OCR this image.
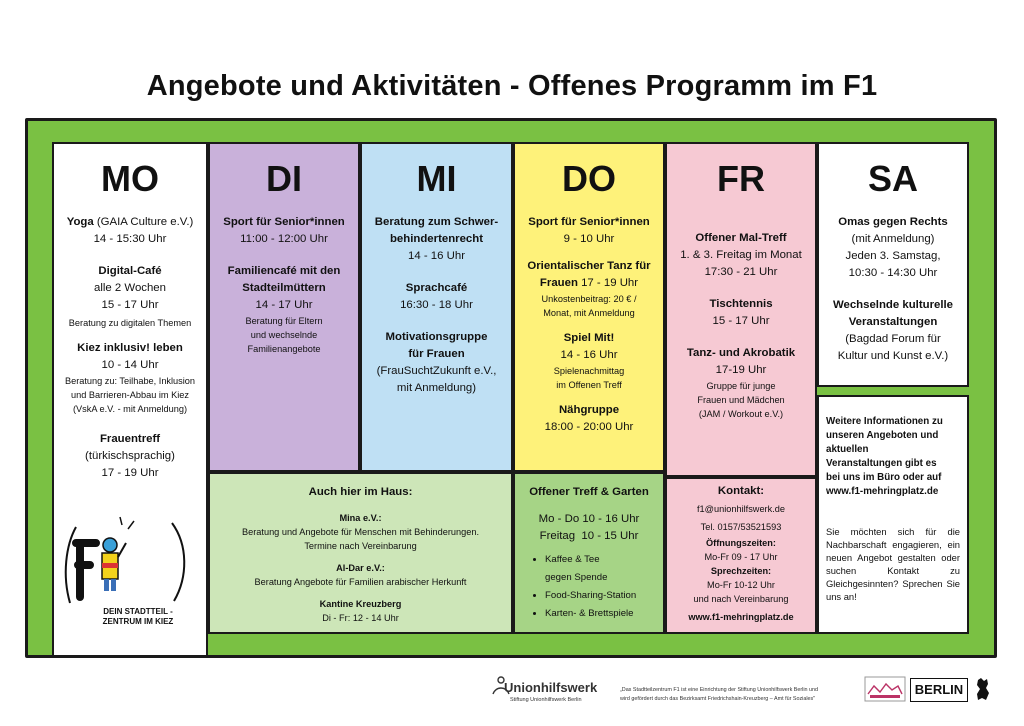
Angebote und Aktivitäten - Offenes Programm im F1
MO
Yoga (GAIA Culture e.V.)
14 - 15:30 Uhr
Digital-Café
alle 2 Wochen
15 - 17 Uhr
Beratung zu digitalen Themen
Kiez inklusiv! leben
10 - 14 Uhr
Beratung zu: Teilhabe, Inklusion
und Barrieren-Abbau im Kiez
(VskA e.V. - mit Anmeldung)
Frauentreff
(türkischsprachig)
17 - 19 Uhr
DI
Sport für Senior*innen
11:00 - 12:00 Uhr
Familiencafé mit den
Stadteilmüttern
14 - 17 Uhr
Beratung für Eltern
und wechselnde
Familienangebote
MI
Beratung zum Schwer-
behindertenrecht
14 - 16 Uhr
Sprachcafé
16:30 - 18 Uhr
Motivationsgruppe
für Frauen
(FrauSuchtZukunft e.V.,
mit Anmeldung)
DO
Sport für Senior*innen
9 - 10 Uhr
Orientalischer Tanz für
Frauen 17 - 19 Uhr
Unkostenbeitrag: 20 € /
Monat, mit Anmeldung
Spiel Mit!
14 - 16 Uhr
Spielenachmittag
im Offenen Treff
Nähgruppe
18:00 - 20:00 Uhr
FR
Offener Mal-Treff
1. & 3. Freitag im Monat
17:30 - 21 Uhr
Tischtennis
15 - 17 Uhr
Tanz- und Akrobatik
17-19 Uhr
Gruppe für junge
Frauen und Mädchen
(JAM / Workout e.V.)
SA
Omas gegen Rechts
(mit Anmeldung)
Jeden 3. Samstag,
10:30 - 14:30 Uhr
Wechselnde kulturelle
Veranstaltungen
(Bagdad Forum für
Kultur und Kunst e.V.)
Auch hier im Haus:
Mina e.V.:
Beratung und Angebote für Menschen mit Behinderungen.
Termine nach Vereinbarung
Al-Dar e.V.:
Beratung Angebote für Familien arabischer Herkunft
Kantine Kreuzberg
Di - Fr: 12 - 14 Uhr
Offener Treff & Garten
Mo - Do 10 - 16 Uhr
Freitag  10 - 15 Uhr
• Kaffee & Tee
gegen Spende
• Food-Sharing-Station
• Karten- & Brettspiele
Kontakt:
f1@unionhilfswerk.de
Tel. 0157/53521593
Öffnungszeiten:
Mo-Fr 09 - 17 Uhr
Sprechzeiten:
Mo-Fr 10-12 Uhr
und nach Vereinbarung
www.f1-mehringplatz.de
Weitere Informationen zu
unseren Angeboten und
aktuellen
Veranstaltungen gibt es
bei uns im Büro oder auf
www.f1-mehringplatz.de
Sie möchten sich für die Nachbarschaft engagieren, ein neuen Angebot gestalten oder suchen Kontakt zu Gleichgesinnten? Sprechen Sie uns an!
DEIN STADTTEIL -
ZENTRUM IM KIEZ
Unionhilfswerk
Stiftung Unionhilfswerk Berlin
„Das Stadtteilzentrum F1 ist eine Einrichtung der Stiftung Unionhilfswerk Berlin und
wird gefördert durch das Bezirksamt Friedrichshain-Kreuzberg – Amt für Soziales"
BERLIN
